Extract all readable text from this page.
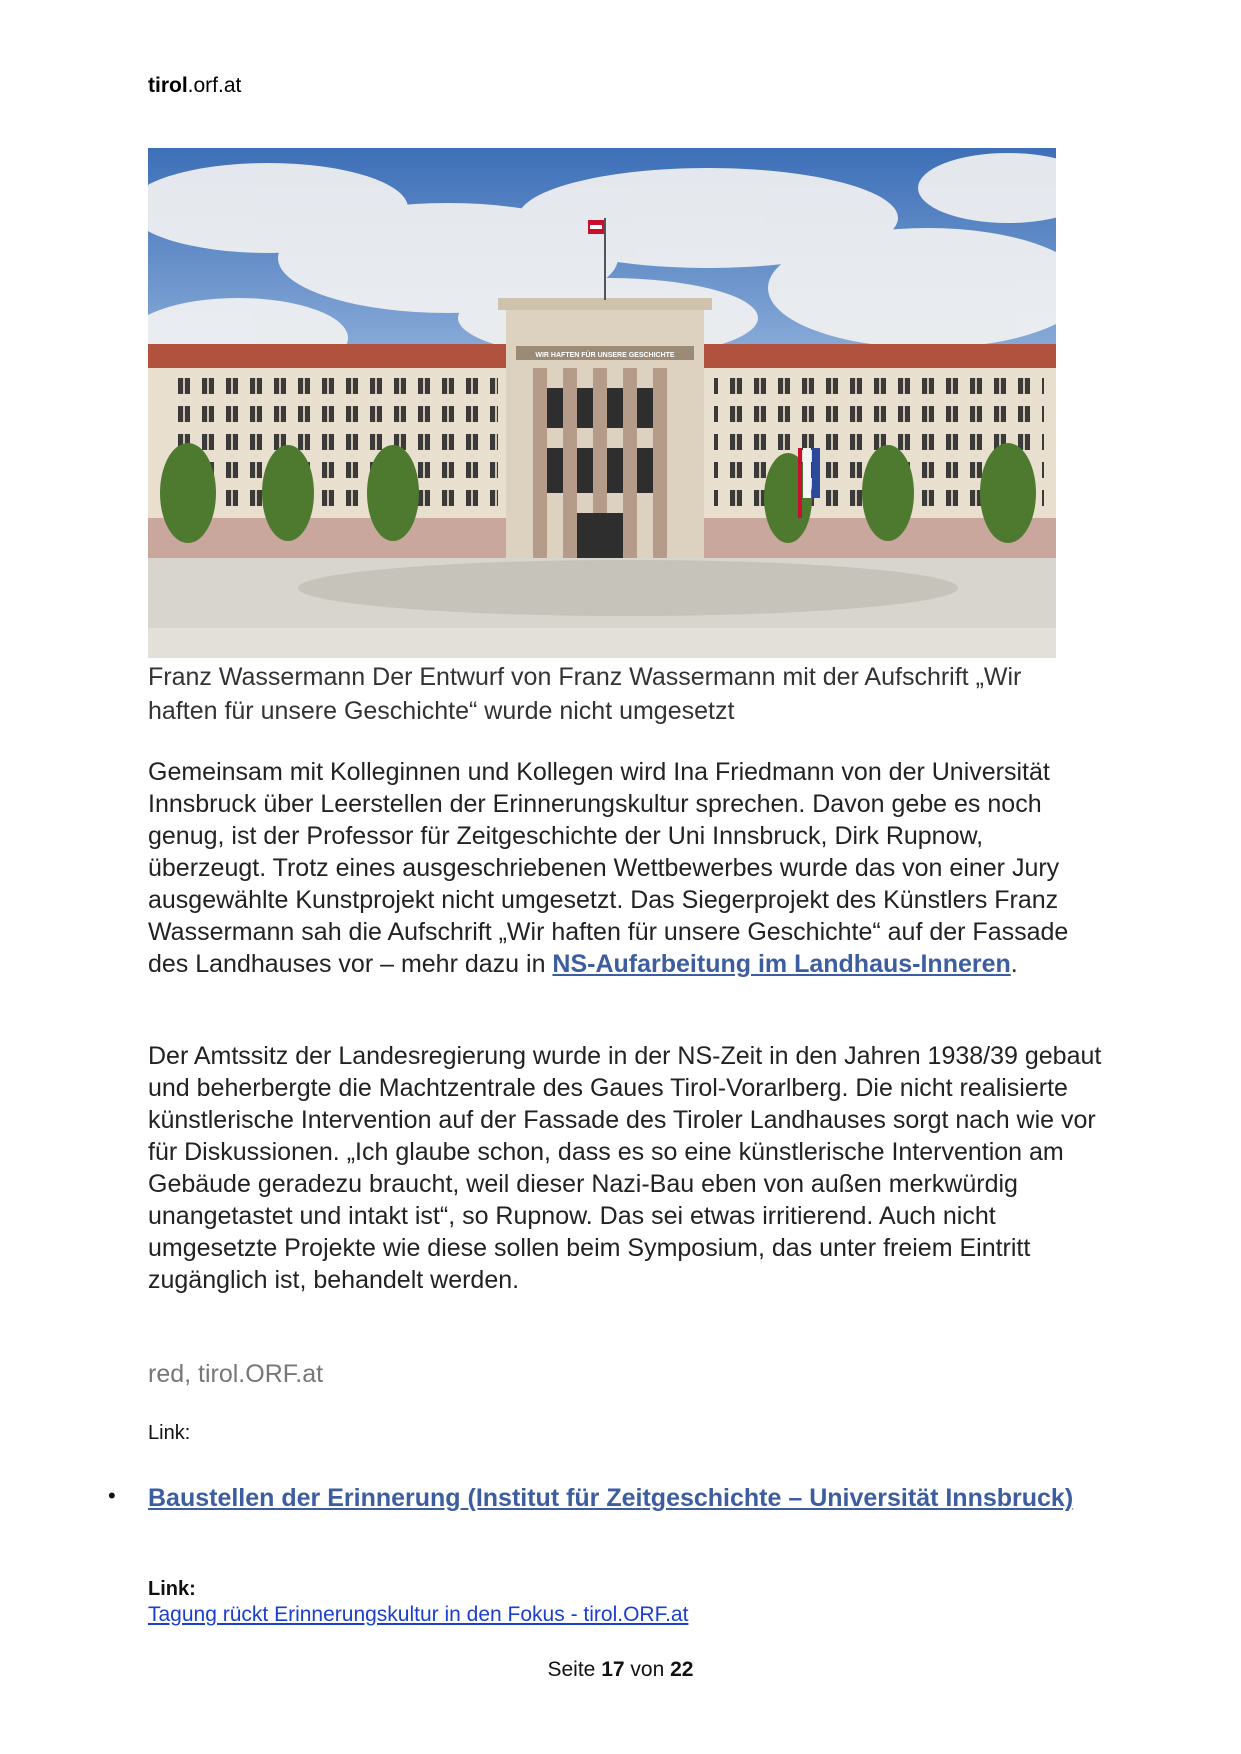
tirol.orf.at
WIR HAFTEN FÜR UNSERE GESCHICHTE
Franz Wassermann Der Entwurf von Franz Wassermann mit der Aufschrift „Wir haften für unsere Geschichte“ wurde nicht umgesetzt
Gemeinsam mit Kolleginnen und Kollegen wird Ina Friedmann von der Universität Innsbruck über Leerstellen der Erinnerungskultur sprechen. Davon gebe es noch genug, ist der Professor für Zeitgeschichte der Uni Innsbruck, Dirk Rupnow, überzeugt. Trotz eines ausgeschriebenen Wettbewerbes wurde das von einer Jury ausgewählte Kunstprojekt nicht umgesetzt. Das Siegerprojekt des Künstlers Franz Wassermann sah die Aufschrift „Wir haften für unsere Geschichte“ auf der Fassade des Landhauses vor – mehr dazu in NS-Aufarbeitung im Landhaus-Inneren.
Der Amtssitz der Landesregierung wurde in der NS-Zeit in den Jahren 1938/39 gebaut und beherbergte die Machtzentrale des Gaues Tirol-Vorarlberg. Die nicht realisierte künstlerische Intervention auf der Fassade des Tiroler Landhauses sorgt nach wie vor für Diskussionen. „Ich glaube schon, dass es so eine künstlerische Intervention am Gebäude geradezu braucht, weil dieser Nazi-Bau eben von außen merkwürdig unangetastet und intakt ist“, so Rupnow. Das sei etwas irritierend. Auch nicht umgesetzte Projekte wie diese sollen beim Symposium, das unter freiem Eintritt zugänglich ist, behandelt werden.
red, tirol.ORF.at
Link:
• Baustellen der Erinnerung (Institut für Zeitgeschichte – Universität Innsbruck)
Link:
Tagung rückt Erinnerungskultur in den Fokus - tirol.ORF.at
Seite 17 von 22
